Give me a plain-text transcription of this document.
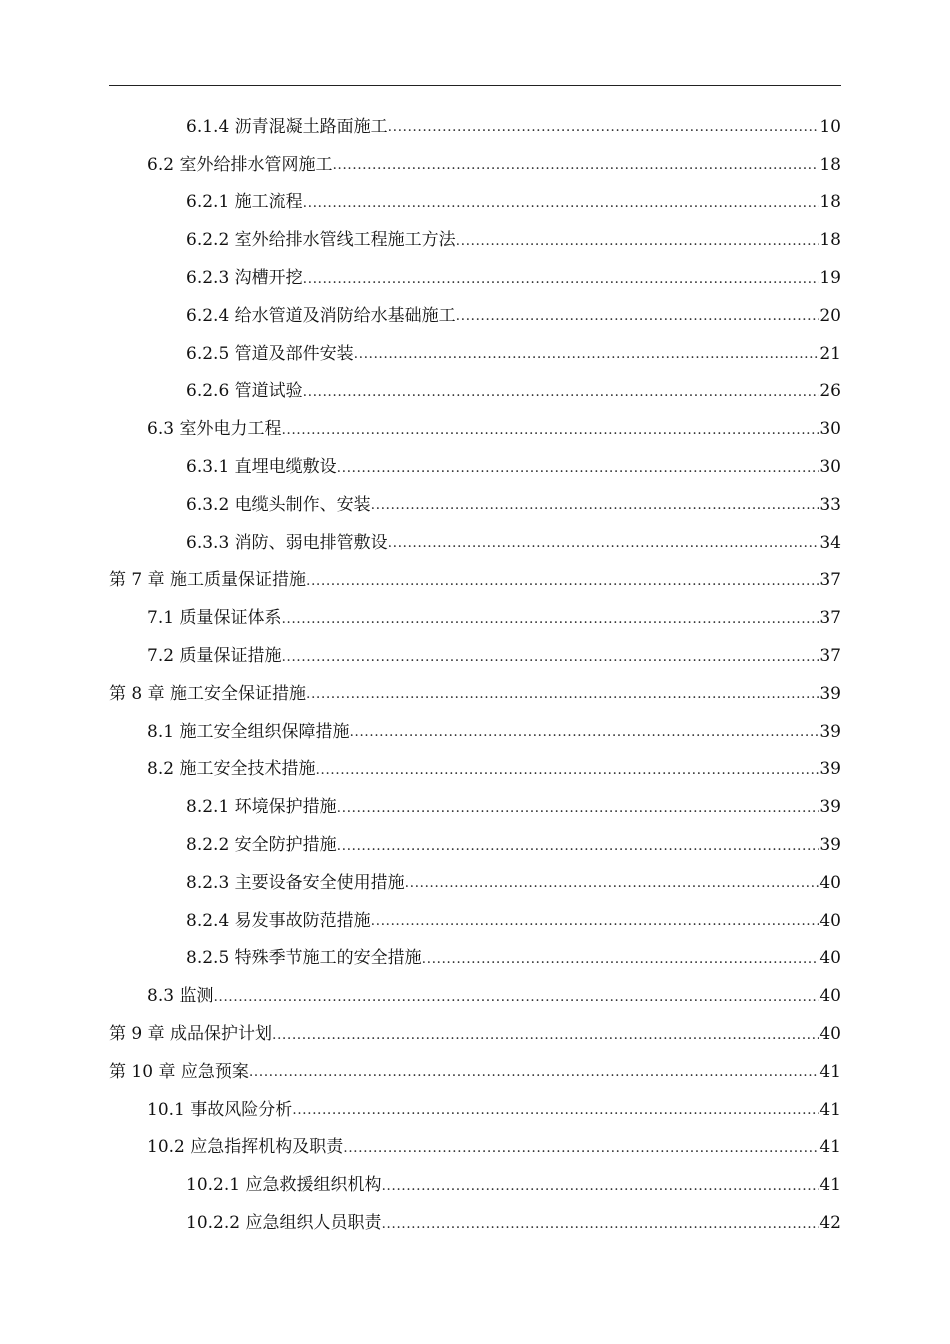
6.1.4 沥青混凝土路面施工 .....	10
6.2 室外给排水管网施工 .....	18
6.2.1 施工流程 .....	18
6.2.2 室外给排水管线工程施工方法 .....	18
6.2.3 沟槽开挖 .....	19
6.2.4 给水管道及消防给水基础施工 .....	20
6.2.5 管道及部件安装 .....	21
6.2.6 管道试验 .....	26
6.3 室外电力工程 .....	30
6.3.1 直埋电缆敷设 .....	30
6.3.2 电缆头制作、安装 .....	33
6.3.3 消防、弱电排管敷设 .....	34
第 7 章 施工质量保证措施 .....	37
7.1 质量保证体系 .....	37
7.2 质量保证措施 .....	37
第 8 章 施工安全保证措施 .....	39
8.1 施工安全组织保障措施 .....	39
8.2 施工安全技术措施 .....	39
8.2.1 环境保护措施 .....	39
8.2.2 安全防护措施 .....	39
8.2.3 主要设备安全使用措施 .....	40
8.2.4 易发事故防范措施 .....	40
8.2.5 特殊季节施工的安全措施 .....	40
8.3 监测 .....	40
第 9 章 成品保护计划 .....	40
第 10 章 应急预案 .....	41
10.1 事故风险分析 .....	41
10.2 应急指挥机构及职责 .....	41
10.2.1 应急救援组织机构 .....	41
10.2.2 应急组织人员职责 .....	42
